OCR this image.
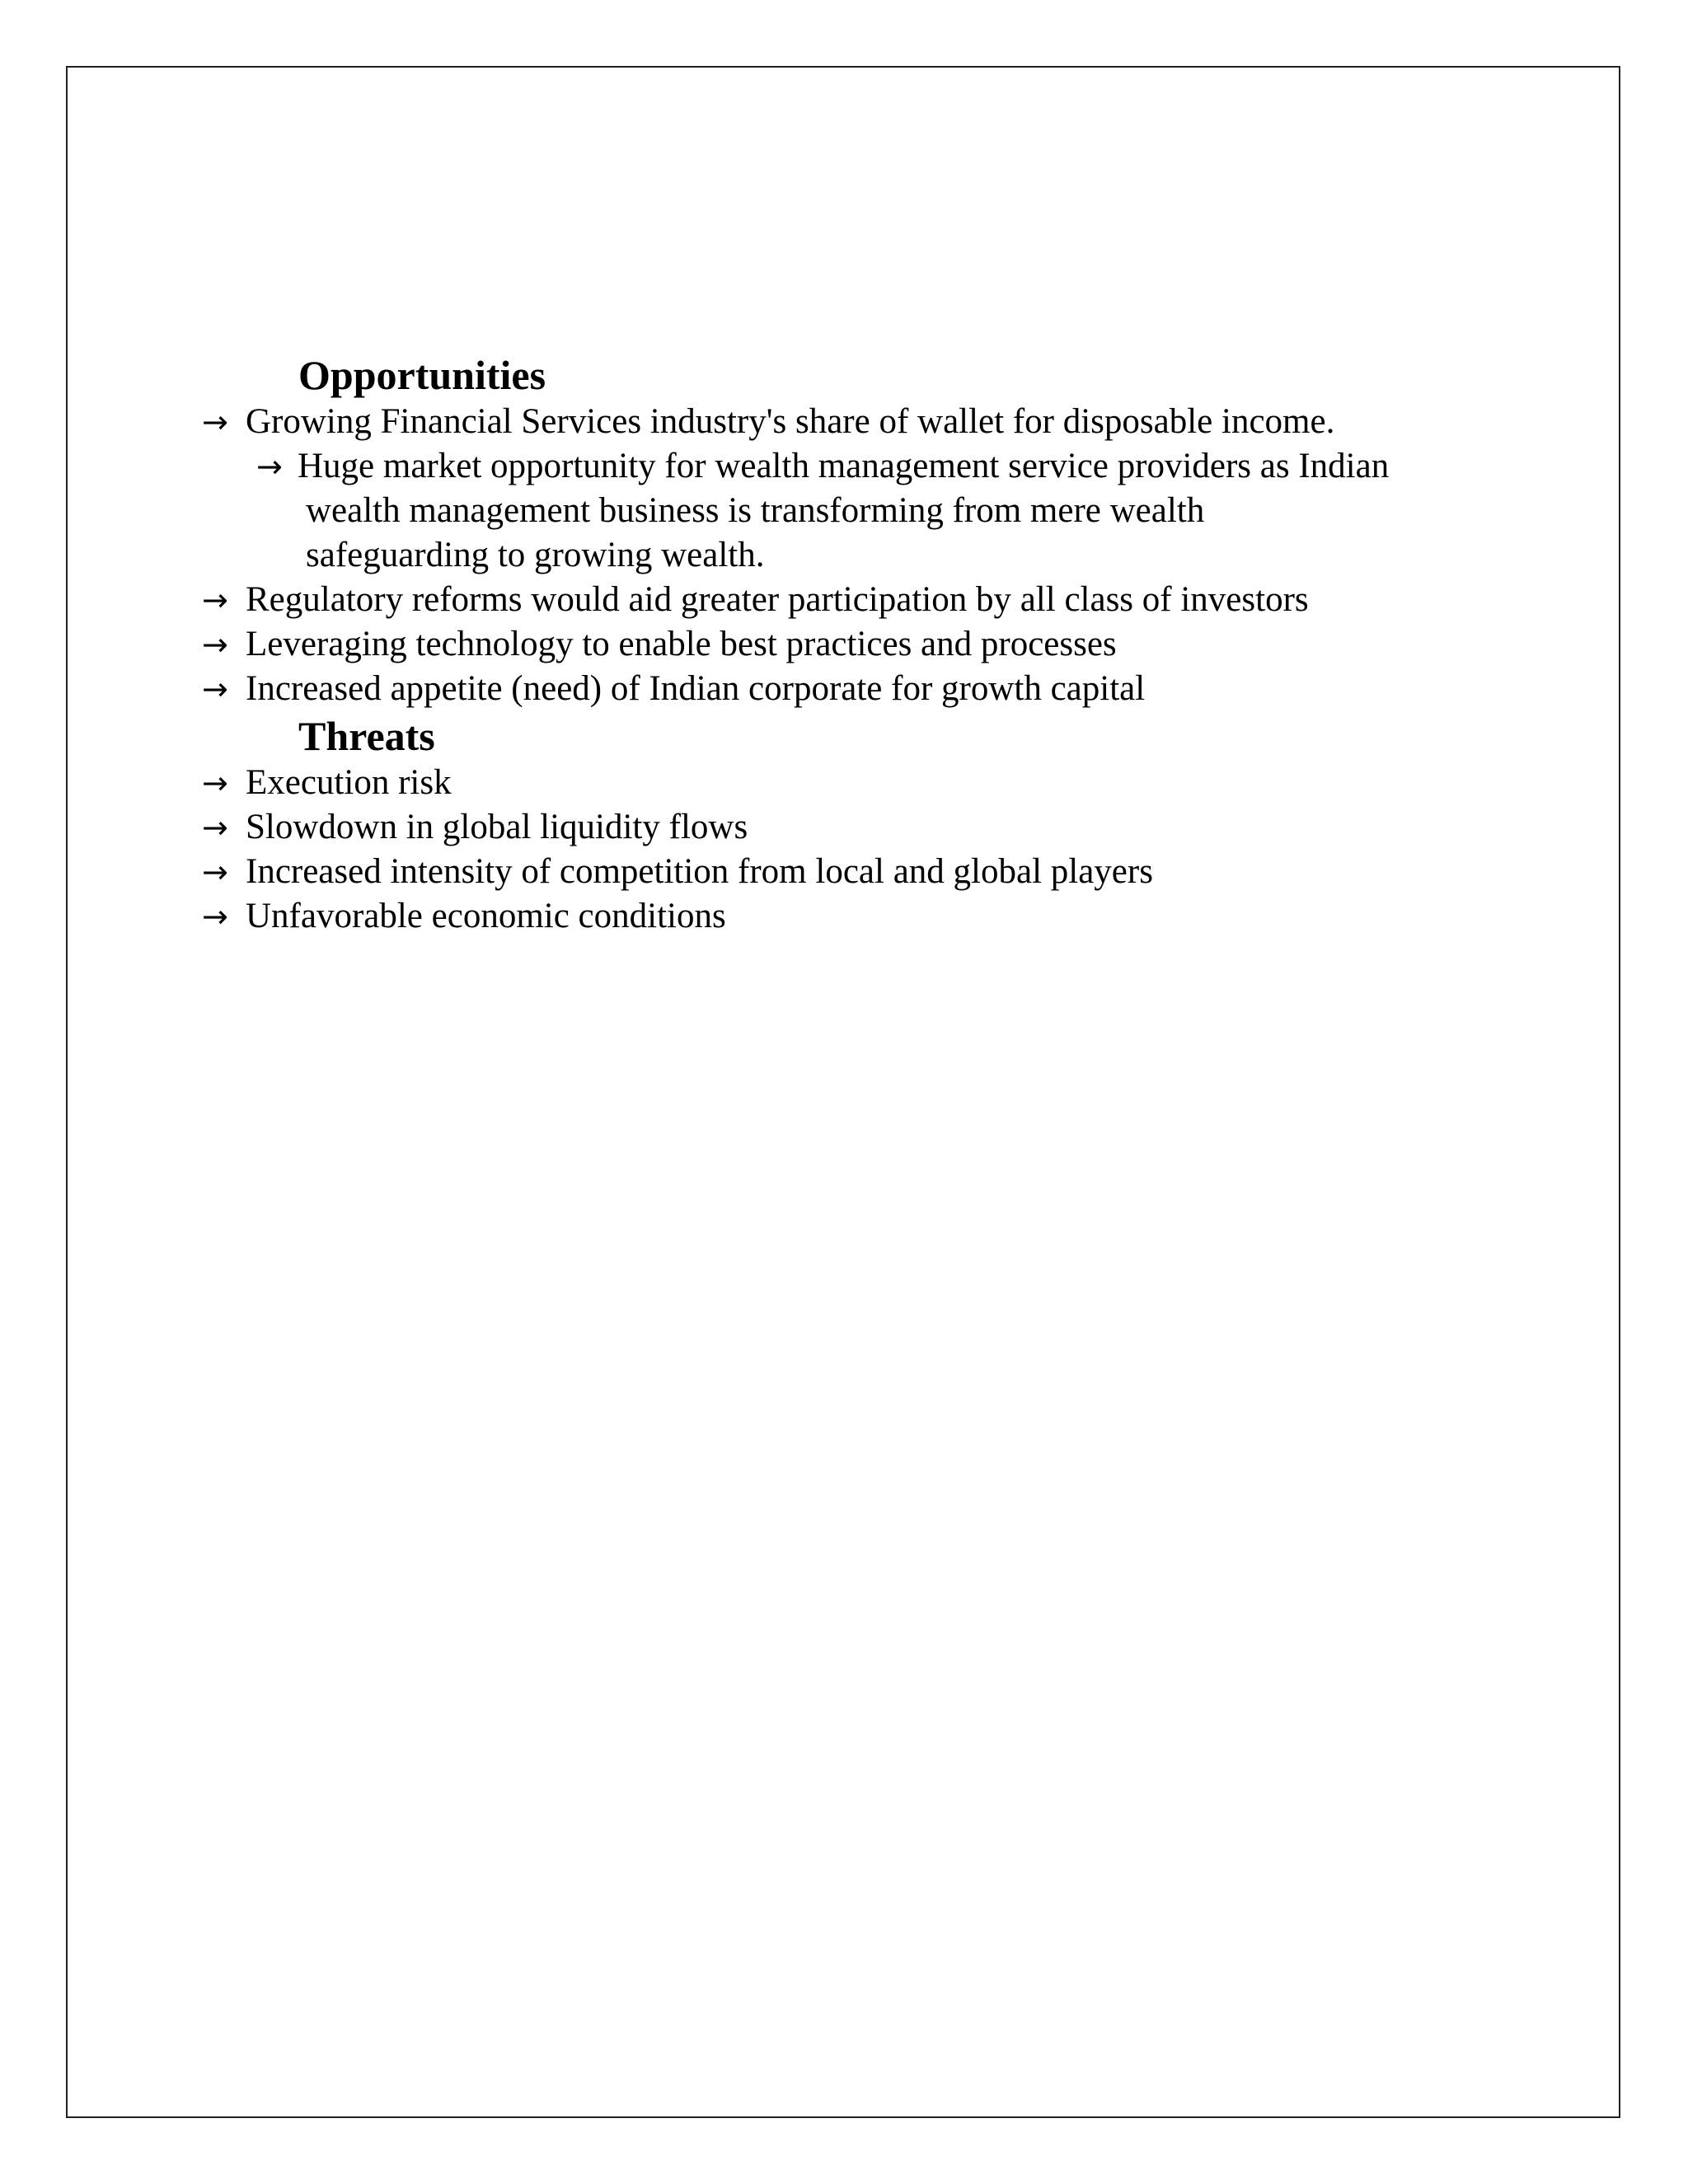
Opportunities
→ Growing Financial Services industry's share of wallet for disposable income.
→ Huge market opportunity for wealth management service providers as Indian
wealth management business is transforming from mere wealth
safeguarding to growing wealth.
→ Regulatory reforms would aid greater participation by all class of investors
→ Leveraging technology to enable best practices and processes
→ Increased appetite (need) of Indian corporate for growth capital
Threats
→ Execution risk
→ Slowdown in global liquidity flows
→ Increased intensity of competition from local and global players
→ Unfavorable economic conditions
